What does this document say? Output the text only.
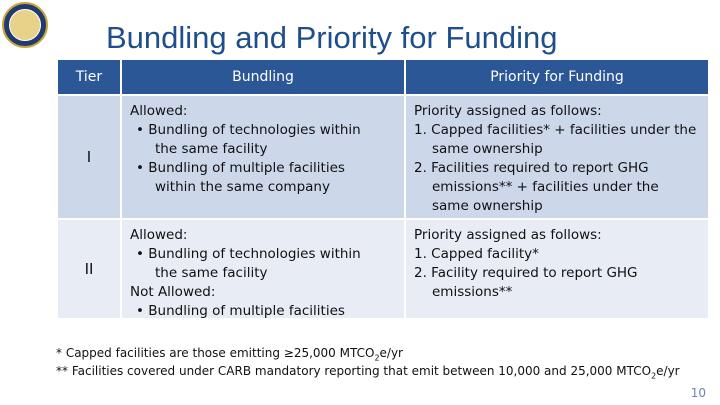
Bundling and Priority for Funding
Tier	Bundling	Priority for Funding
I
Allowed:
• Bundling of technologies within
the same facility
• Bundling of multiple facilities
within the same company
Priority assigned as follows:
1. Capped facilities* + facilities under the
same ownership
2. Facilities required to report GHG
emissions** + facilities under the
same ownership
II
Allowed:
• Bundling of technologies within
the same facility
Not Allowed:
• Bundling of multiple facilities
Priority assigned as follows:
1. Capped facility*
2. Facility required to report GHG
emissions**
* Capped facilities are those emitting ≥25,000 $MTCO_2e/yr$
** Facilities covered under CARB mandatory reporting that emit between 10,000 and 25,000 $MTCO_2e/yr$
10
